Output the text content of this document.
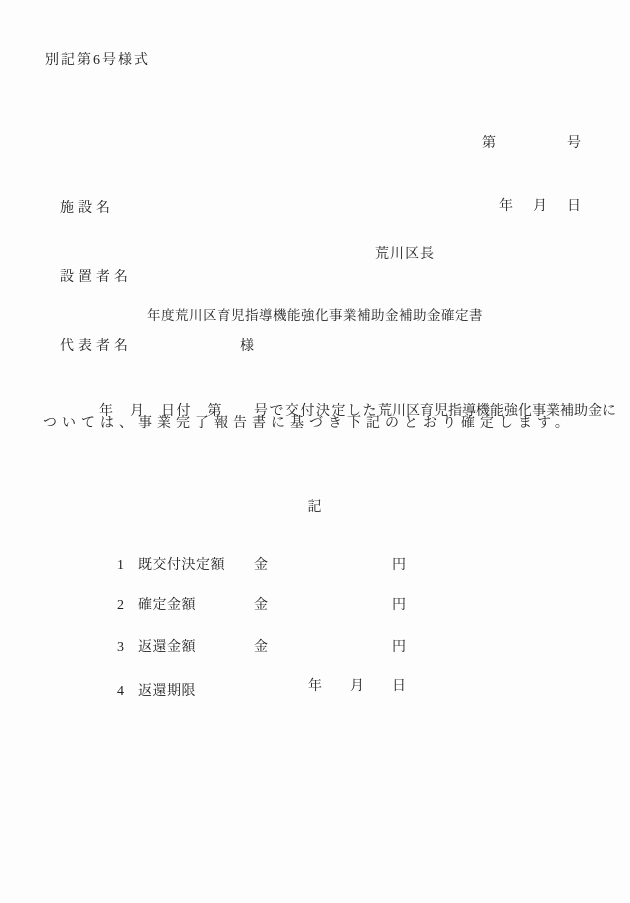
別記第6号様式

第　　　　号

年　月　日

施設名

設置者名

代表者名　　　　　　様

荒川区長
年度荒川区育児指導機能強化事業補助金補助金確定書

年　月　日付　第　　号で交付決定した荒川区育児指導機能強化事業補助金に

ついては、事業完了報告書に基づき下記のとおり確定します。
記
1	既交付決定額	金	円
2	確定金額	金	円
3	返還金額	金	円
4	返還期限	年　　月　　日
